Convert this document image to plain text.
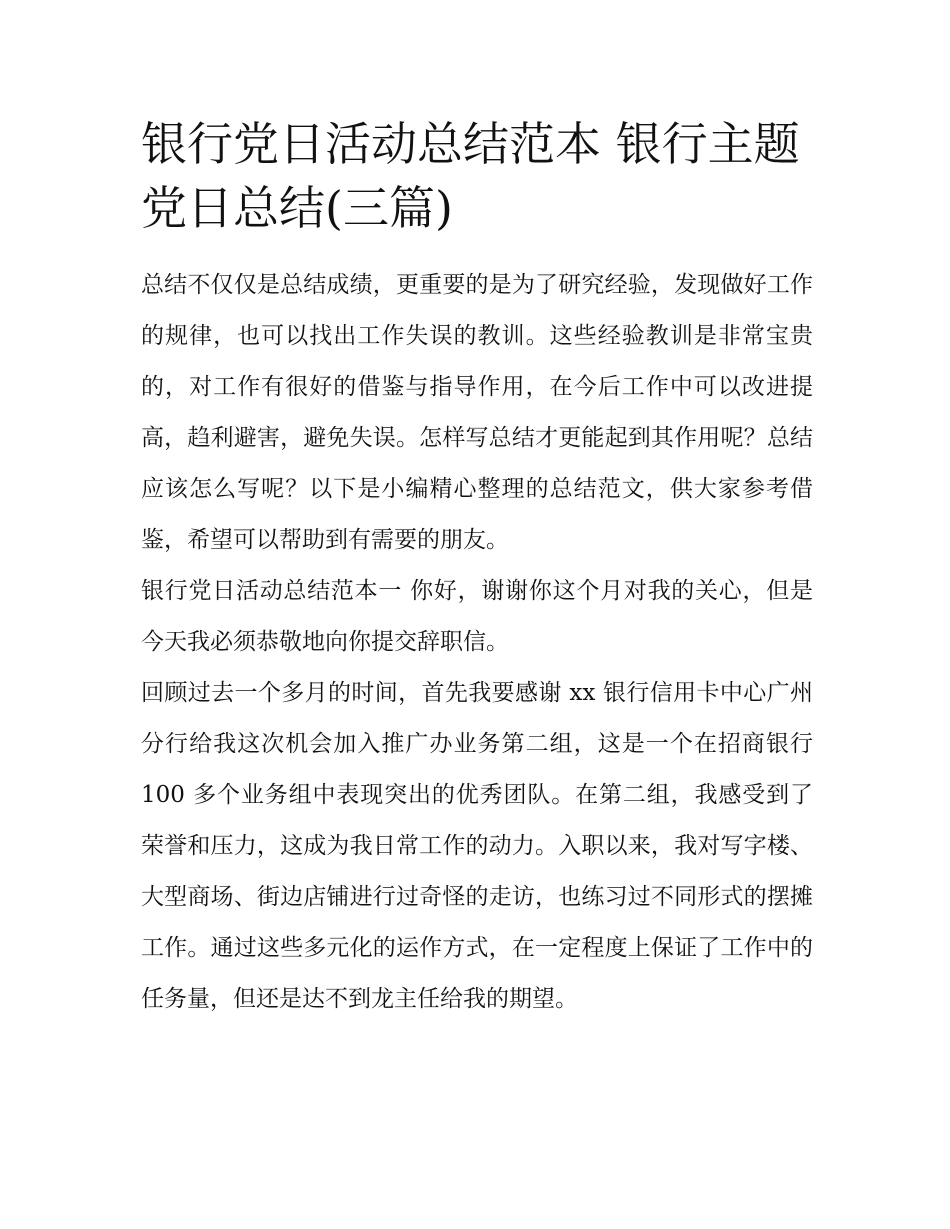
银行党日活动总结范本 银行主题党日总结(三篇)

总结不仅仅是总结成绩，更重要的是为了研究经验，发现做好工作的规律，也可以找出工作失误的教训。这些经验教训是非常宝贵的，对工作有很好的借鉴与指导作用，在今后工作中可以改进提高，趋利避害，避免失误。怎样写总结才更能起到其作用呢？总结应该怎么写呢？以下是小编精心整理的总结范文，供大家参考借鉴，希望可以帮助到有需要的朋友。

银行党日活动总结范本一 你好，谢谢你这个月对我的关心，但是今天我必须恭敬地向你提交辞职信。

回顾过去一个多月的时间，首先我要感谢 xx 银行信用卡中心广州分行给我这次机会加入推广办业务第二组，这是一个在招商银行 100 多个业务组中表现突出的优秀团队。在第二组，我感受到了荣誉和压力，这成为我日常工作的动力。入职以来，我对写字楼、大型商场、街边店铺进行过奇怪的走访，也练习过不同形式的摆摊工作。通过这些多元化的运作方式，在一定程度上保证了工作中的任务量，但还是达不到龙主任给我的期望。
